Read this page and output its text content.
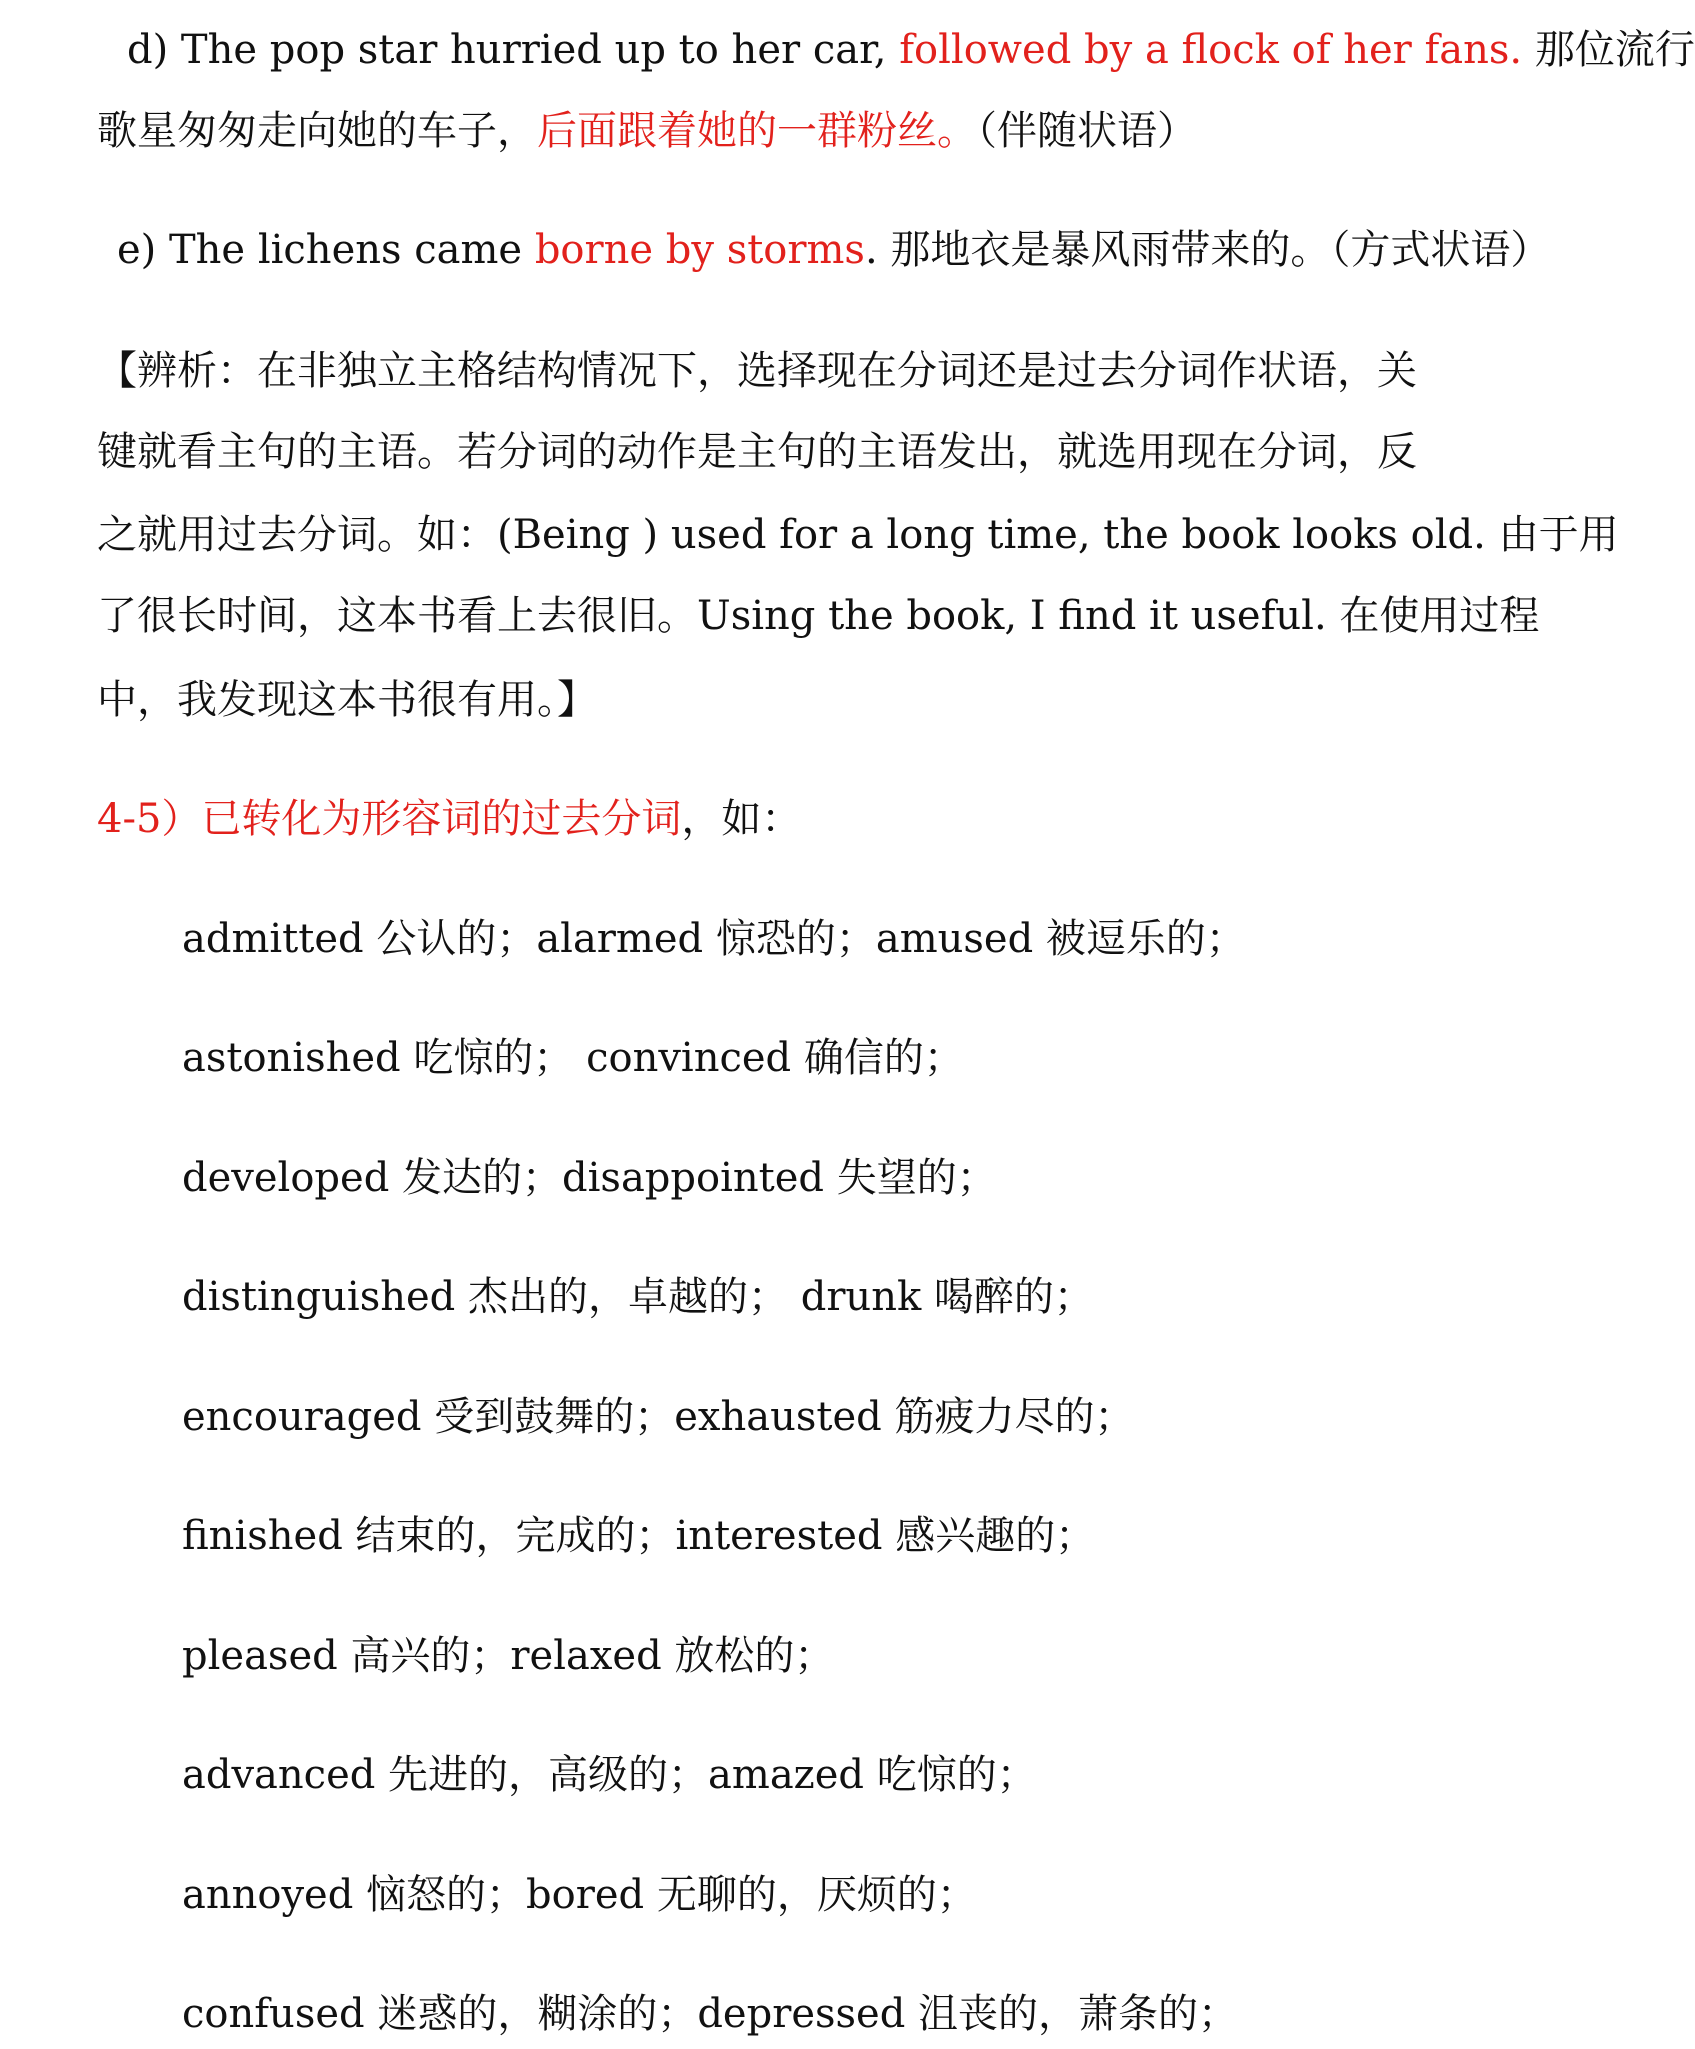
d) The pop star hurried up to her car, followed by a flock of her fans. 那位流行
歌星匆匆走向她的车子，后面跟着她的一群粉丝。（伴随状语）
e) The lichens came borne by storms. 那地衣是暴风雨带来的。（方式状语）
【辨析：在非独立主格结构情况下，选择现在分词还是过去分词作状语，关
键就看主句的主语。若分词的动作是主句的主语发出，就选用现在分词，反
之就用过去分词。如：(Being ) used for a long time, the book looks old. 由于用
了很长时间，这本书看上去很旧。Using the book, I find it useful. 在使用过程
中，我发现这本书很有用。】
4-5）已转化为形容词的过去分词，如：
admitted 公认的；alarmed 惊恐的；amused 被逗乐的；
astonished 吃惊的； convinced 确信的；
developed 发达的；disappointed 失望的；
distinguished 杰出的，卓越的； drunk 喝醉的；
encouraged 受到鼓舞的；exhausted 筋疲力尽的；
finished 结束的，完成的；interested 感兴趣的；
pleased 高兴的；relaxed 放松的；
advanced 先进的，高级的；amazed 吃惊的；
annoyed 恼怒的；bored 无聊的，厌烦的；
confused 迷惑的，糊涂的；depressed 沮丧的，萧条的；
